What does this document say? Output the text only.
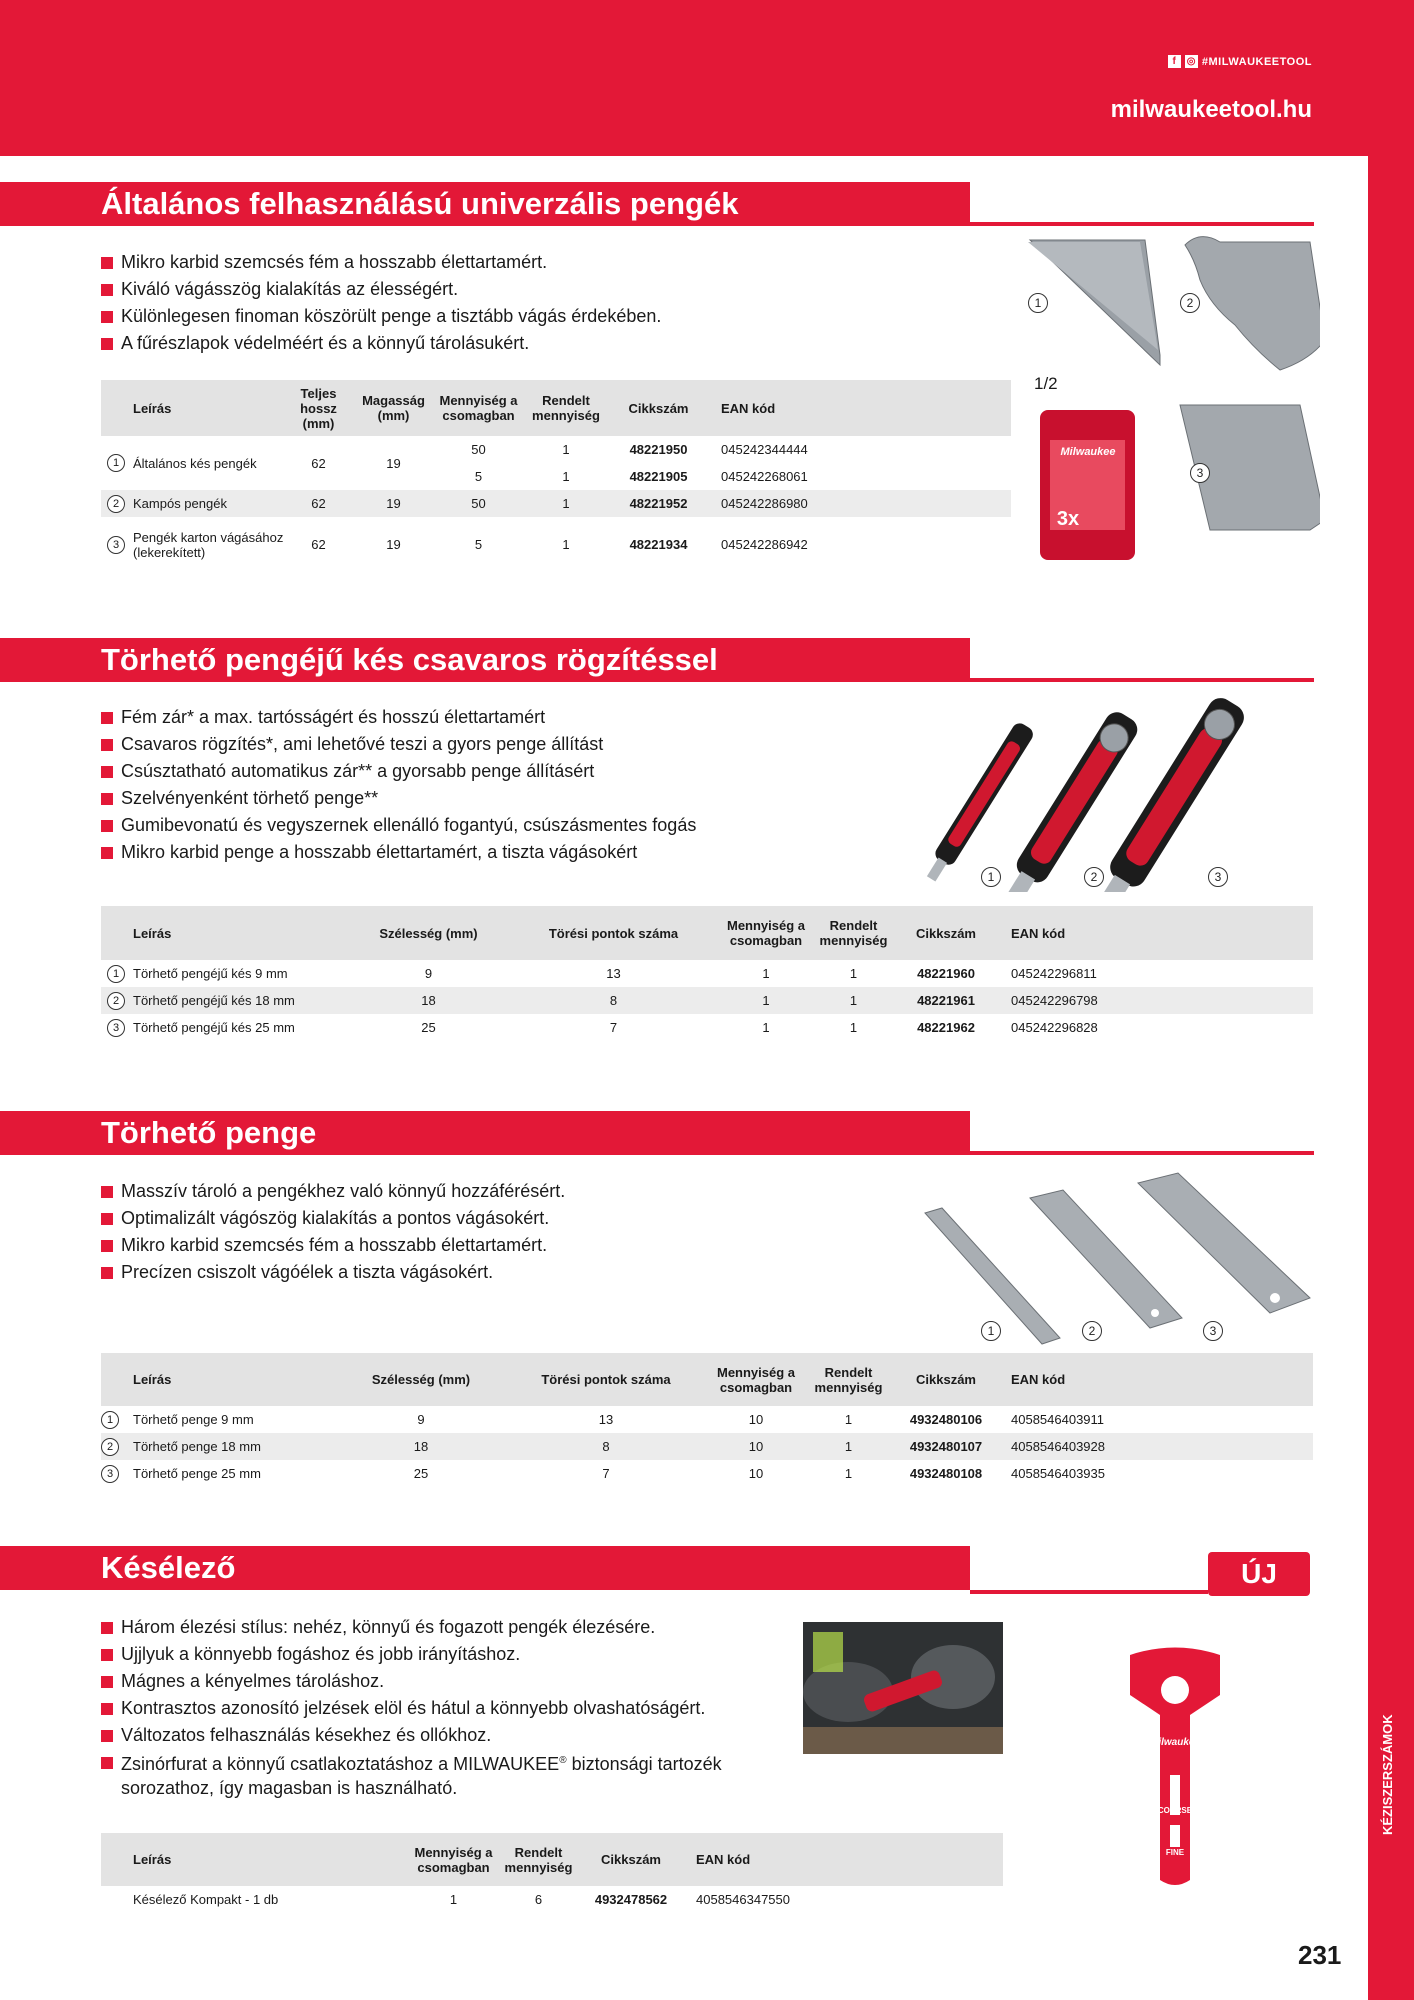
f	◎ #MILWAUKEETOOL
milwaukeetool.hu
KÉZISZERSZÁMOK
231
Általános felhasználású univerzális pengék
Mikro karbid szemcsés fém a hosszabb élettartamért.
Kiváló vágásszög kialakítás az élességért.
Különlegesen finoman köszörült penge a tisztább vágás érdekében.
A fűrészlapok védelméért és a könnyű tárolásukért.
Leírás	Teljes hossz (mm)	Magasság (mm)	Mennyiség a csomagban	Rendelt mennyiség	Cikkszám	EAN kód

1 Általános kés pengék	62	19	50	1	48221950	045242344444
			5	1	48221905	045242268061

2 Kampós pengék	62	19	50	1	48221952	045242286980

3 Pengék karton vágásához (lekerekített)	62	19	5	1	48221934	045242286942
Milwaukee
3x
1	2
1/2
3
Törhető pengéjű kés csavaros rögzítéssel
Fém zár* a max. tartósságért és hosszú élettartamért
Csavaros rögzítés*, ami lehetővé teszi a gyors penge állítást
Csúsztatható automatikus zár** a gyorsabb penge állításért
Szelvényenként törhető penge**
Gumibevonatú és vegyszernek ellenálló fogantyú, csúszásmentes fogás
Mikro karbid penge a hosszabb élettartamért, a tiszta vágásokért
1	2	3
Leírás	Szélesség (mm)	Törési pontok száma	Mennyiség a csomagban	Rendelt mennyiség	Cikkszám	EAN kód

1 Törhető pengéjű kés 9 mm	9	13	1	1	48221960	045242296811

2 Törhető pengéjű kés 18 mm	18	8	1	1	48221961	045242296798

3 Törhető pengéjű kés 25 mm	25	7	1	1	48221962	045242296828
Törhető penge
Masszív tároló a pengékhez való könnyű hozzáférésért.
Optimalizált vágószög kialakítás a pontos vágásokért.
Mikro karbid szemcsés fém a hosszabb élettartamért.
Precízen csiszolt vágóélek a tiszta vágásokért.
1	2	3
Leírás	Szélesség (mm)	Törési pontok száma	Mennyiség a csomagban	Rendelt mennyiség	Cikkszám	EAN kód

1 Törhető penge 9 mm	9	13	10	1	4932480106	4058546403911

2 Törhető penge 18 mm	18	8	10	1	4932480107	4058546403928

3 Törhető penge 25 mm	25	7	10	1	4932480108	4058546403935
Késélező	ÚJ
Három élezési stílus: nehéz, könnyű és fogazott pengék élezésére.
Ujjlyuk a könnyebb fogáshoz és jobb irányításhoz.
Mágnes a kényelmes tároláshoz.
Kontrasztos azonosító jelzések elöl és hátul a könnyebb olvashatóságért.
Változatos felhasználás késekhez és ollókhoz.
Zsinórfurat a könnyű csatlakoztatáshoz a MILWAUKEE® biztonsági tartozék sorozathoz, így magasban is használható.
Milwaukee
COARSE
FINE
Leírás	Mennyiség a csomagban	Rendelt mennyiség	Cikkszám	EAN kód
Késélező Kompakt - 1 db	1	6	4932478562	4058546347550
